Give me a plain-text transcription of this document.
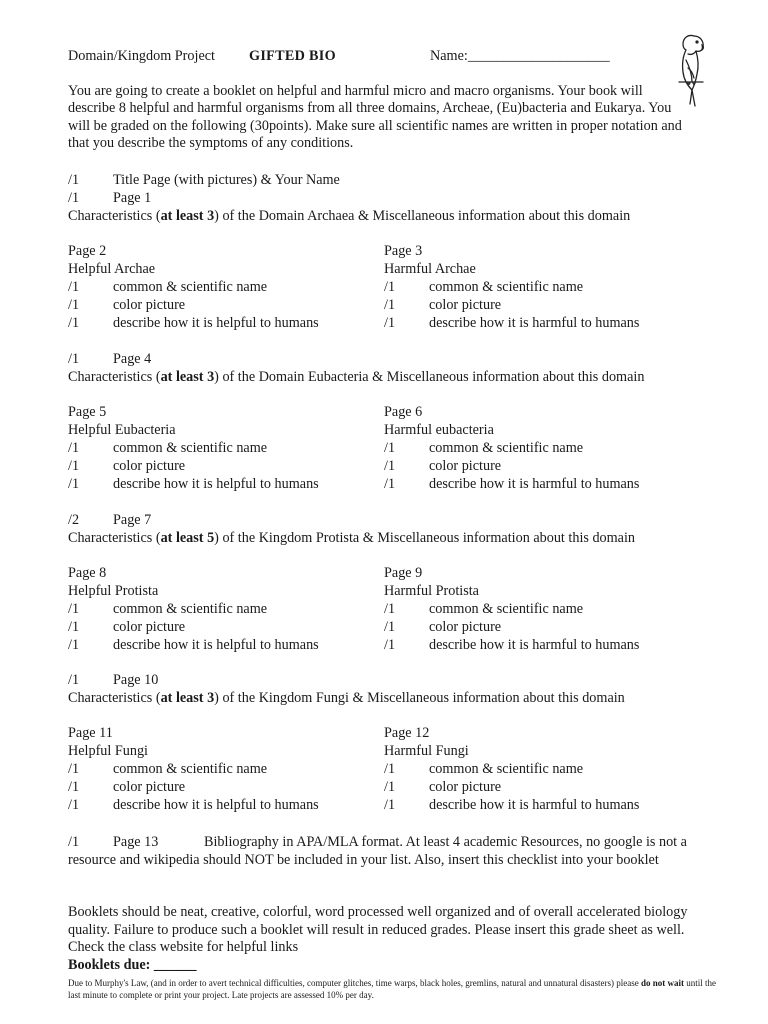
Domain/Kingdom Project GIFTED BIO	Name:____________________
You are going to create a booklet on helpful and harmful micro and macro organisms. Your book will describe 8 helpful and harmful organisms from all three domains, Archeae, (Eu)bacteria and Eukarya. You will be graded on the following (30points). Make sure all scientific names are written in proper notation and that you describe the symptoms of any conditions.
/1 Title Page (with pictures) & Your Name
/1 Page 1
Characteristics (at least 3) of the Domain Archaea & Miscellaneous information about this domain
Page 2
Helpful Archae
/1 common & scientific name
/1 color picture
/1 describe how it is helpful to humans
Page 3
Harmful Archae
/1 common & scientific name
/1 color picture
/1 describe how it is harmful to humans
/1 Page 4
Characteristics (at least 3) of the Domain Eubacteria & Miscellaneous information about this domain
Page 5
Helpful Eubacteria
/1 common & scientific name
/1 color picture
/1 describe how it is helpful to humans
Page 6
Harmful eubacteria
/1 common & scientific name
/1 color picture
/1 describe how it is harmful to humans
/2 Page 7
Characteristics (at least 5) of the Kingdom Protista & Miscellaneous information about this domain
Page 8
Helpful Protista
/1 common & scientific name
/1 color picture
/1 describe how it is helpful to humans
Page 9
Harmful Protista
/1 common & scientific name
/1 color picture
/1 describe how it is harmful to humans
/1 Page 10
Characteristics (at least 3) of the Kingdom Fungi & Miscellaneous information about this domain
Page 11
Helpful Fungi
/1 common & scientific name
/1 color picture
/1 describe how it is helpful to humans
Page 12
Harmful Fungi
/1 common & scientific name
/1 color picture
/1 describe how it is harmful to humans
/1 Page 13	Bibliography in APA/MLA format. At least 4 academic Resources, no google is not a resource and wikipedia should NOT be included in your list. Also, insert this checklist into your booklet
Booklets should be neat, creative, colorful, word processed well organized and of overall accelerated biology quality. Failure to produce such a booklet will result in reduced grades. Please insert this grade sheet as well. Check the class website for helpful links
Booklets due: ______
Due to Murphy's Law, (and in order to avert technical difficulties, computer glitches, time warps, black holes, gremlins, natural and unnatural disasters) please do not wait until the last minute to complete or print your project. Late projects are assessed 10% per day.
